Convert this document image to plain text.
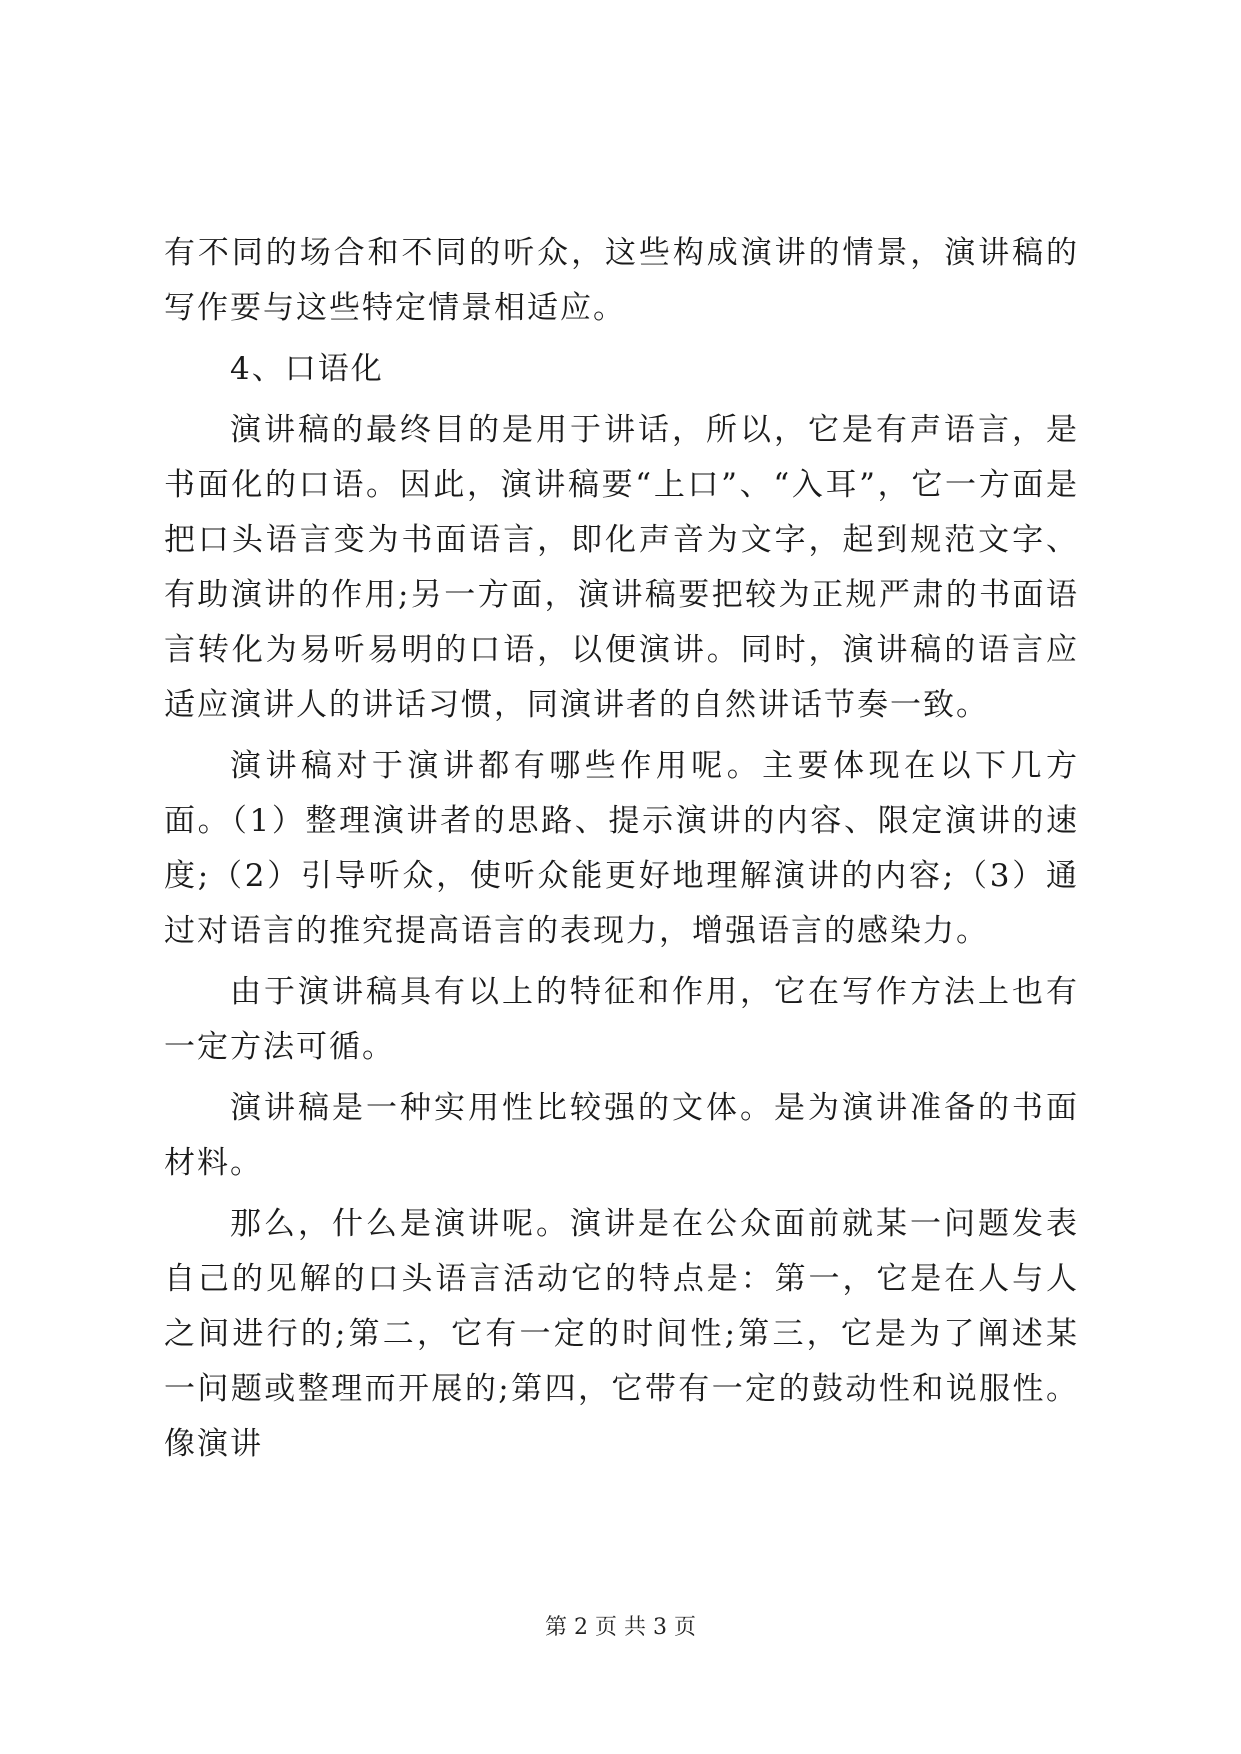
有不同的场合和不同的听众，这些构成演讲的情景，演讲稿的写作要与这些特定情景相适应。

4、口语化

演讲稿的最终目的是用于讲话，所以，它是有声语言，是书面化的口语。因此，演讲稿要“上口”、“入耳”，它一方面是把口头语言变为书面语言，即化声音为文字，起到规范文字、有助演讲的作用;另一方面，演讲稿要把较为正规严肃的书面语言转化为易听易明的口语，以便演讲。同时，演讲稿的语言应适应演讲人的讲话习惯，同演讲者的自然讲话节奏一致。

演讲稿对于演讲都有哪些作用呢。主要体现在以下几方面。（1）整理演讲者的思路、提示演讲的内容、限定演讲的速度;（2）引导听众，使听众能更好地理解演讲的内容;（3）通过对语言的推究提高语言的表现力，增强语言的感染力。

由于演讲稿具有以上的特征和作用，它在写作方法上也有一定方法可循。

演讲稿是一种实用性比较强的文体。是为演讲准备的书面材料。

那么，什么是演讲呢。演讲是在公众面前就某一问题发表自己的见解的口头语言活动它的特点是：第一，它是在人与人之间进行的;第二，它有一定的时间性;第三，它是为了阐述某一问题或整理而开展的;第四，它带有一定的鼓动性和说服性。像演讲

第 2 页 共 3 页
